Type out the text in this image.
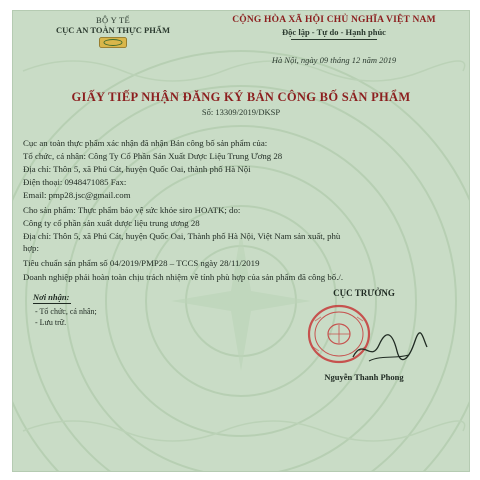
BỘ Y TẾ
CỤC AN TOÀN THỰC PHẨM
CỘNG HÒA XÃ HỘI CHỦ NGHĨA VIỆT NAM
Độc lập - Tự do - Hạnh phúc
Hà Nội, ngày 09 tháng 12 năm 2019
GIẤY TIẾP NHẬN ĐĂNG KÝ BẢN CÔNG BỐ SẢN PHẨM
Số: 13309/2019/DKSP
Cục an toàn thực phẩm xác nhận đã nhận Bản công bố sản phẩm của:
Tổ chức, cá nhân: Công Ty Cổ Phần Sản Xuất Dược Liệu Trung Ương 28
Địa chỉ: Thôn 5, xã Phú Cát, huyện Quốc Oai, thành phố Hà Nội
Điện thoại: 0948471085 Fax:
Email: pmp28.jsc@gmail.com
Cho sản phẩm: Thực phẩm bảo vệ sức khỏe siro HOATK; do:
Công ty cổ phần sản xuất dược liệu trung ương 28
Địa chỉ: Thôn 5, xã Phú Cát, huyện Quốc Oai, Thành phố Hà Nội, Việt Nam sản xuất, phù
hợp:
Tiêu chuẩn sản phẩm số 04/2019/PMP28 – TCCS ngày 28/11/2019
Doanh nghiệp phải hoàn toàn chịu trách nhiệm về tính phù hợp của sản phẩm đã công bố./.
Nơi nhận:
- Tổ chức, cá nhân;
- Lưu trữ.
CỤC TRƯỞNG
Nguyễn Thanh Phong
